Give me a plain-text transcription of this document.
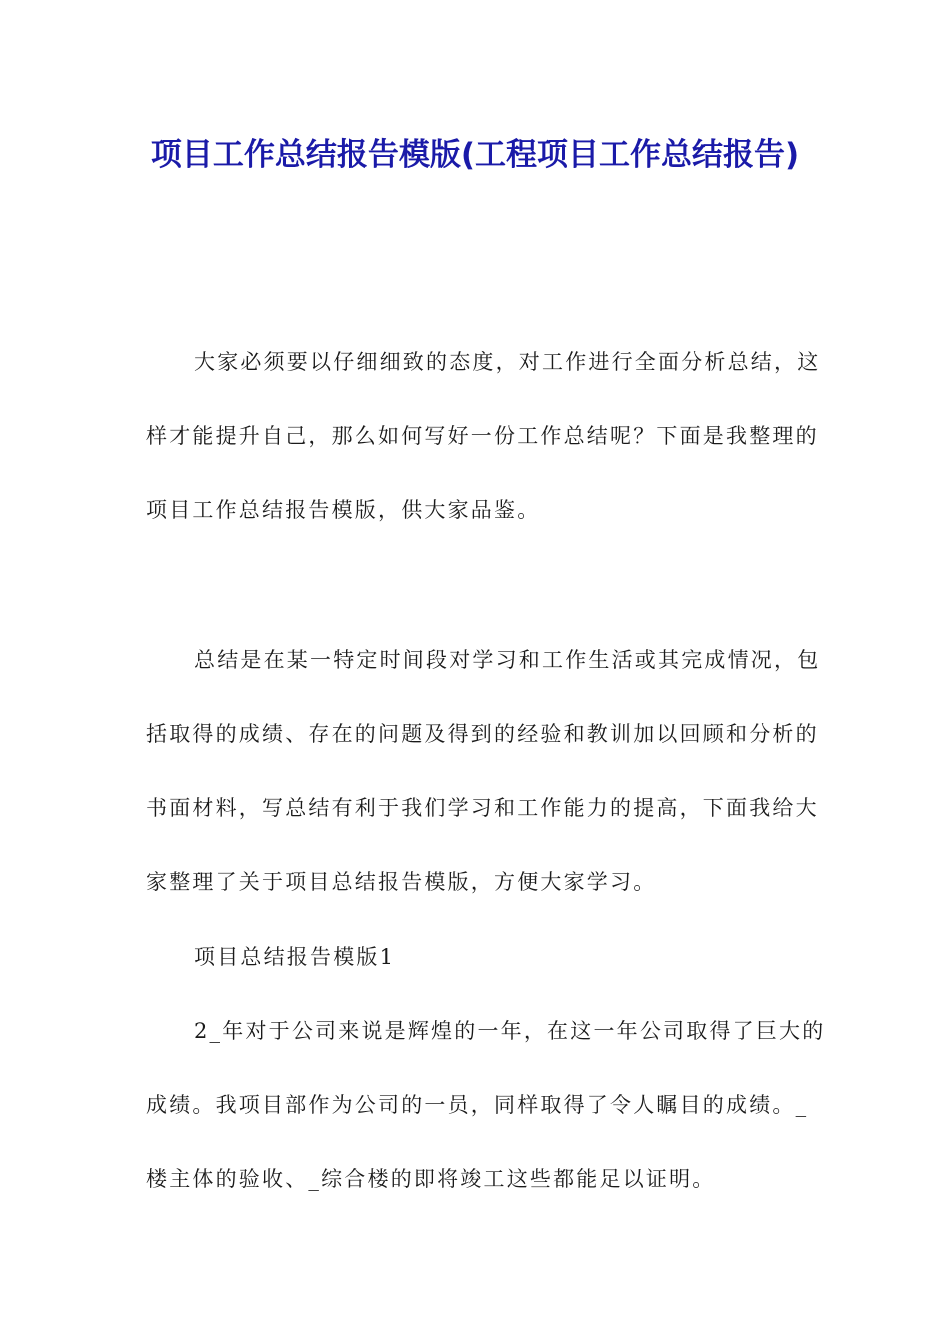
项目工作总结报告模版(工程项目工作总结报告)

大家必须要以仔细细致的态度，对工作进行全面分析总结，这样才能提升自己，那么如何写好一份工作总结呢？下面是我整理的项目工作总结报告模版，供大家品鉴。

总结是在某一特定时间段对学习和工作生活或其完成情况，包括取得的成绩、存在的问题及得到的经验和教训加以回顾和分析的书面材料，写总结有利于我们学习和工作能力的提高，下面我给大家整理了关于项目总结报告模版，方便大家学习。

项目总结报告模版1

2_年对于公司来说是辉煌的一年，在这一年公司取得了巨大的成绩。我项目部作为公司的一员，同样取得了令人瞩目的成绩。_楼主体的验收、_综合楼的即将竣工这些都能足以证明。
